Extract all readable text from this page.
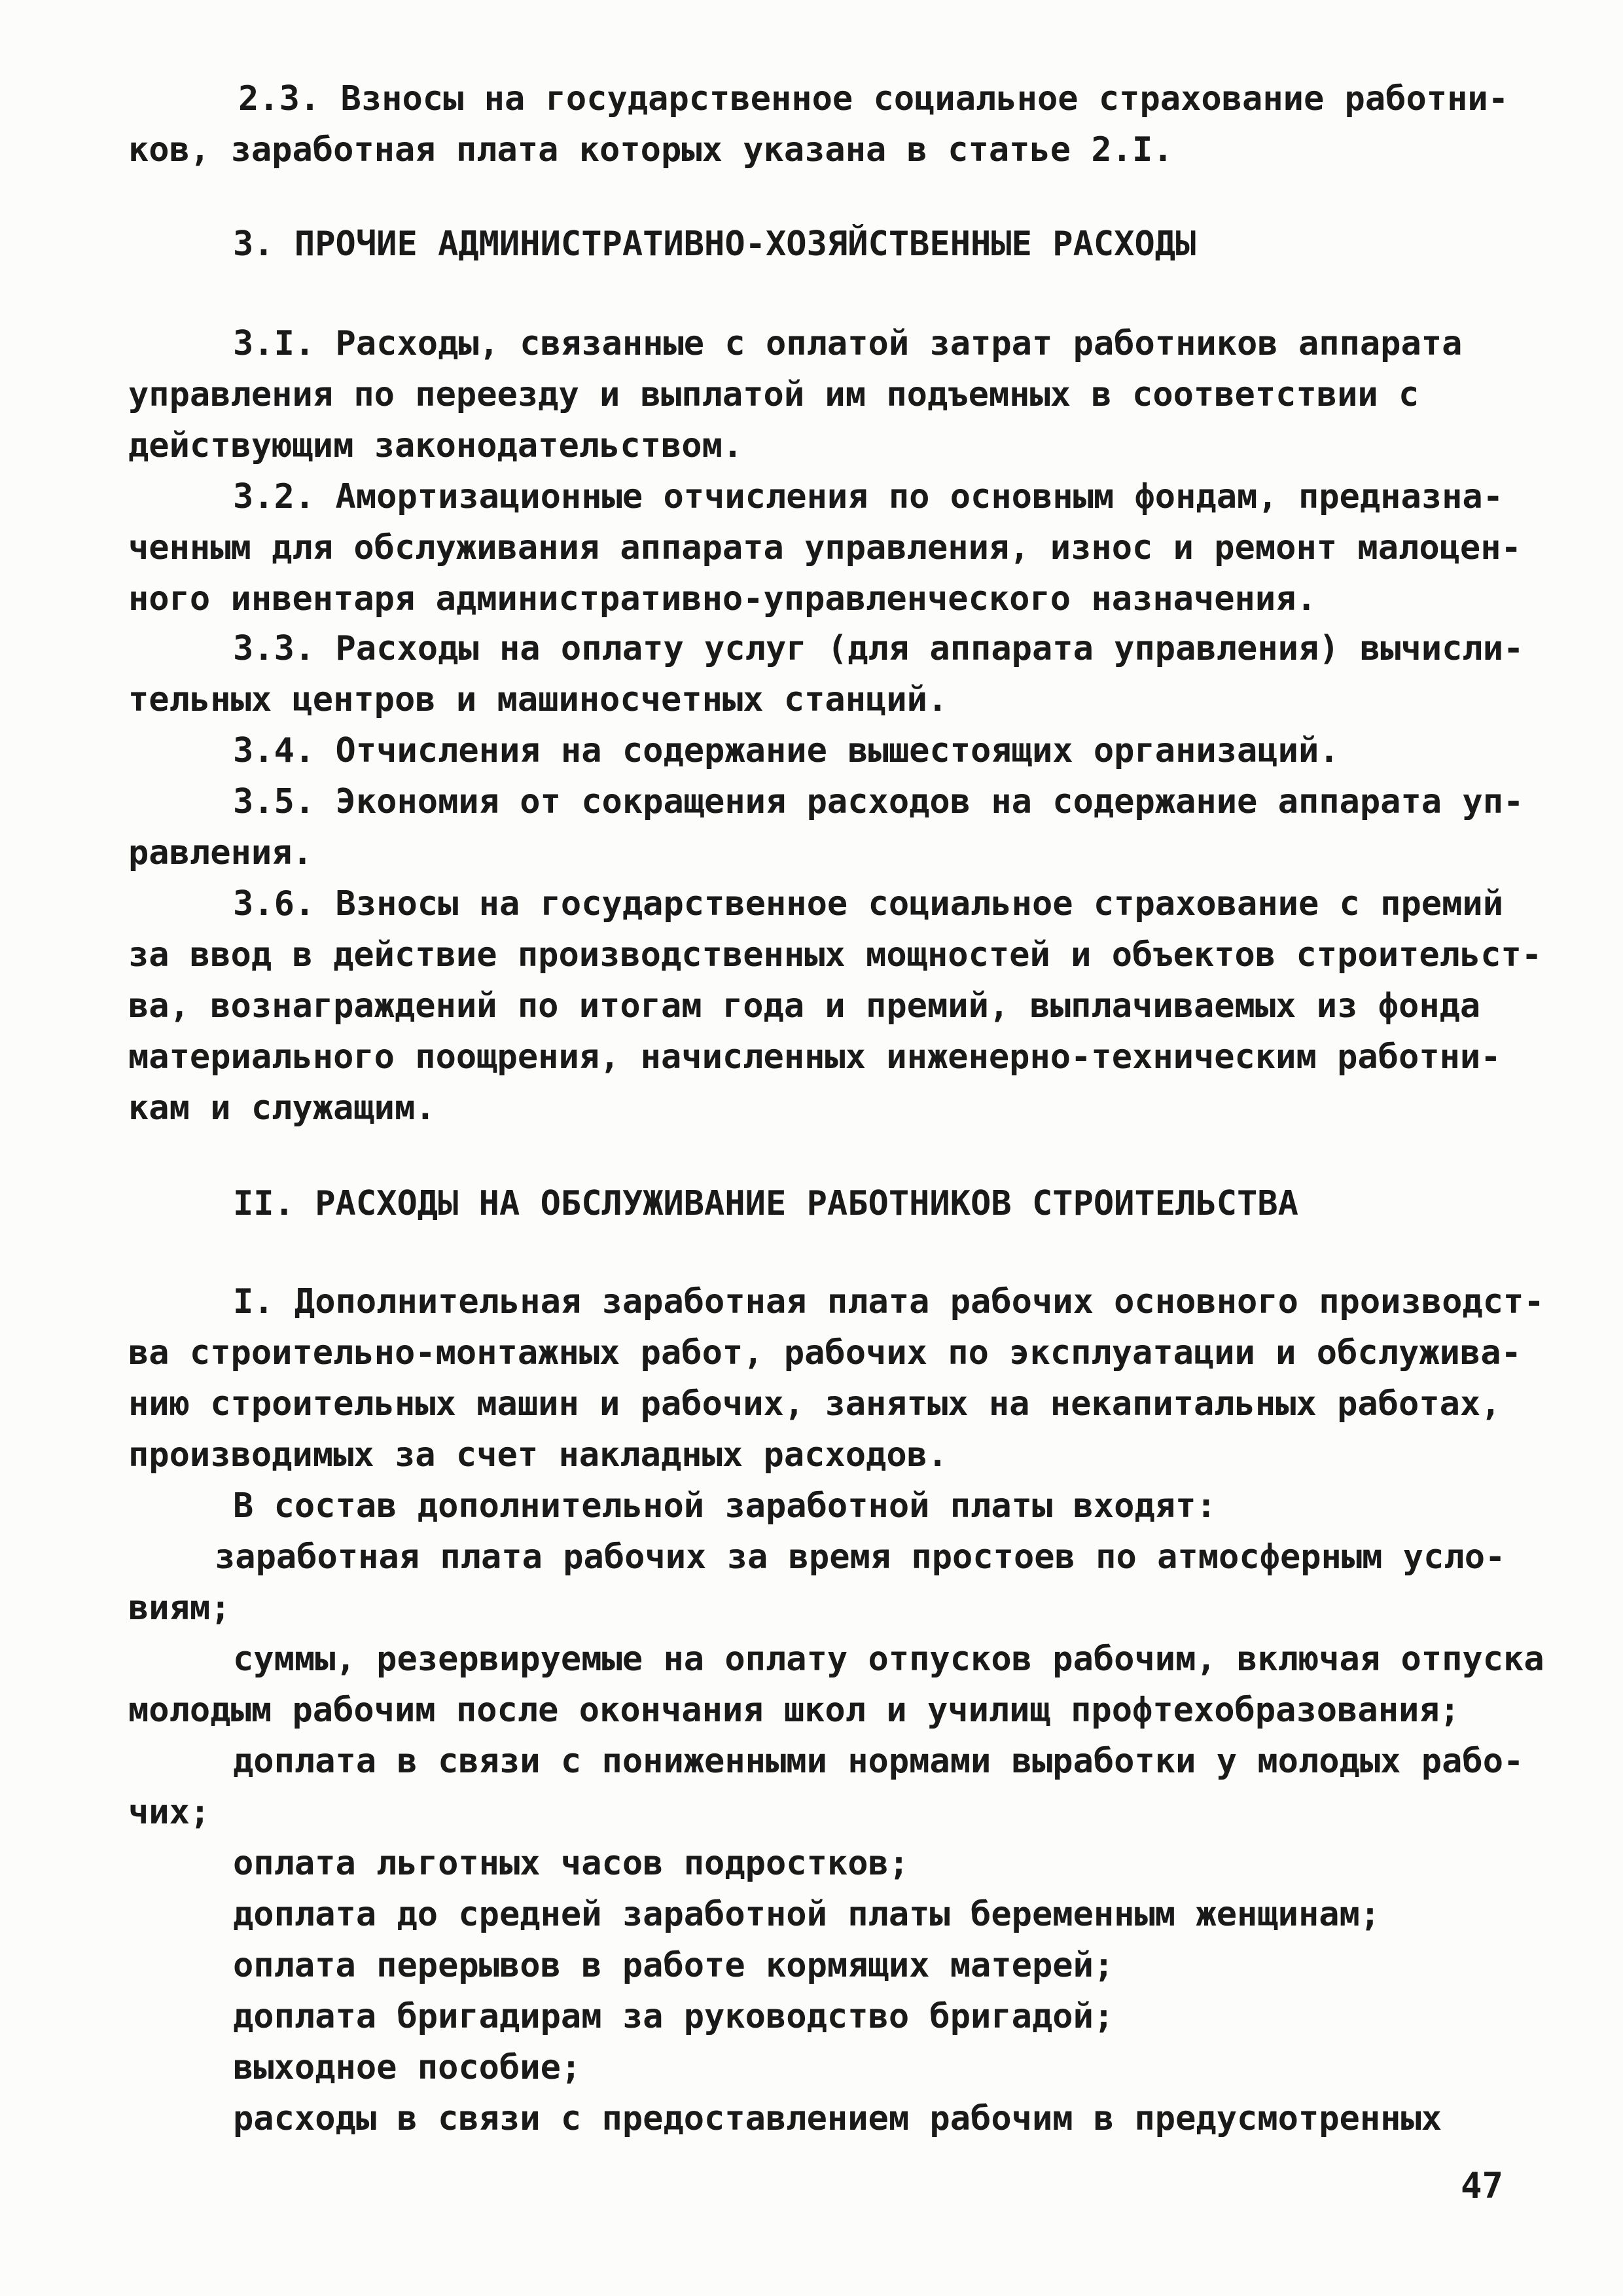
2.3. Взносы на государственное социальное страхование работни-
ков, заработная плата которых указана в статье 2.I.
3. ПРОЧИЕ АДМИНИСТРАТИВНО-ХОЗЯЙСТВЕННЫЕ РАСХОДЫ
3.I. Расходы, связанные с оплатой затрат работников аппарата
управления по переезду и выплатой им подъемных в соответствии с
действующим законодательством.
3.2. Амортизационные отчисления по основным фондам, предназна-
ченным для обслуживания аппарата управления, износ и ремонт малоцен-
ного инвентаря административно-управленческого назначения.
3.3. Расходы на оплату услуг (для аппарата управления) вычисли-
тельных центров и машиносчетных станций.
3.4. Отчисления на содержание вышестоящих организаций.
3.5. Экономия от сокращения расходов на содержание аппарата уп-
равления.
3.6. Взносы на государственное социальное страхование с премий
за ввод в действие производственных мощностей и объектов строительст-
ва, вознаграждений по итогам года и премий, выплачиваемых из фонда
материального поощрения, начисленных инженерно-техническим работни-
кам и служащим.
II. РАСХОДЫ НА ОБСЛУЖИВАНИЕ РАБОТНИКОВ СТРОИТЕЛЬСТВА
I. Дополнительная заработная плата рабочих основного производст-
ва строительно-монтажных работ, рабочих по эксплуатации и обслужива-
нию строительных машин и рабочих, занятых на некапитальных работах,
производимых за счет накладных расходов.
В состав дополнительной заработной платы входят:
заработная плата рабочих за время простоев по атмосферным усло-
виям;
суммы, резервируемые на оплату отпусков рабочим, включая отпуска
молодым рабочим после окончания школ и училищ профтехобразования;
доплата в связи с пониженными нормами выработки у молодых рабо-
чих;
оплата льготных часов подростков;
доплата до средней заработной платы беременным женщинам;
оплата перерывов в работе кормящих матерей;
доплата бригадирам за руководство бригадой;
выходное пособие;
расходы в связи с предоставлением рабочим в предусмотренных
47
